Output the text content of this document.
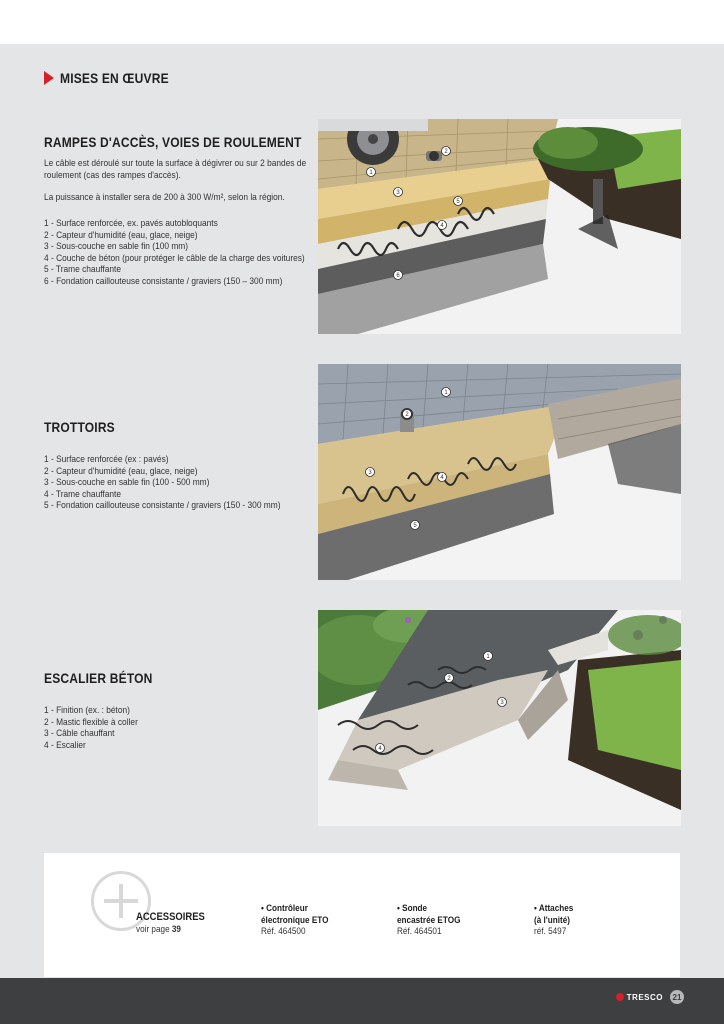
MISES EN ŒUVRE
RAMPES D'ACCÈS, VOIES DE ROULEMENT

Le câble est déroulé sur toute la surface à dégivrer ou sur 2 bandes de roulement (cas des rampes d'accès).

La puissance à installer sera de 200 à 300 W/m², selon la région.

1 - Surface renforcée, ex. pavés autobloquants
2 - Capteur d'humidité (eau, glace, neige)
3 - Sous-couche en sable fin (100 mm)
4 - Couche de béton (pour protéger le câble de la charge des voitures)
5 - Trame chauffante
6 - Fondation caillouteuse consistante / graviers (150 – 300 mm)
1
2
3
4
5
6
TROTTOIRS
1 - Surface renforcée (ex : pavés)
2 - Capteur d'humidité (eau, glace, neige)
3 - Sous-couche en sable fin (100 - 500 mm)
4 - Trame chauffante
5 - Fondation caillouteuse consistante / graviers (150 - 300 mm)
1
2
3
4
5
ESCALIER BÉTON
1 - Finition (ex. : béton)
2 - Mastic flexible à coller
3 - Câble chauffant
4 - Escalier
1
2
3
4
ACCESSOIRES
voir page 39
• Contrôleur
électronique ETO
Réf. 464500
• Sonde
encastrée ETOG
Réf. 464501
• Attaches
(à l'unité)
réf. 5497
TRESCO	21
